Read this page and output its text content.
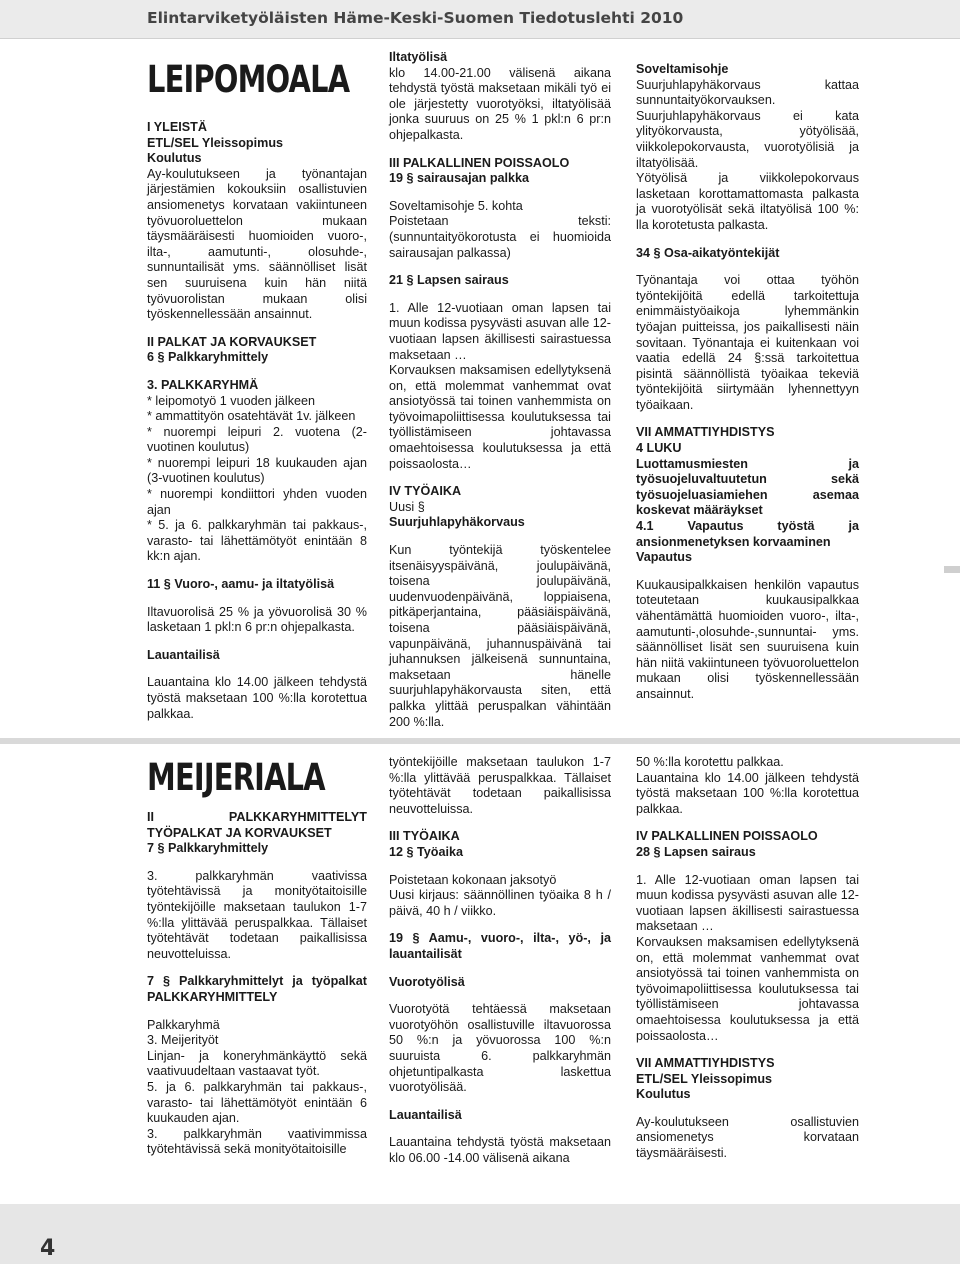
Elintarviketyöläisten Häme-Keski-Suomen Tiedotuslehti 2010
LEIPOMOALA
I YLEISTÄ
ETL/SEL Yleissopimus
Koulutus

Ay-koulutukseen ja työnantajan järjestämien kokouksiin osallistuvien ansiomenetys korvataan vakiintuneen työvuoroluettelon mukaan täysmääräisesti huomioiden vuoro-, ilta-, aamutunti-, olosuhde-, sunnuntailisät yms. säännölliset lisät sen suuruisena kuin hän niitä työvuorolistan mukaan olisi työskennellessään ansainnut.

II PALKAT JA KORVAUKSET
6 § Palkkaryhmittely
3. PALKKARYHMÄ

* leipomotyö 1 vuoden jälkeen

* ammattityön osatehtävät 1v. jälkeen

* nuorempi leipuri 2. vuotena (2-vuotinen koulutus)

* nuorempi leipuri 18 kuukauden ajan (3-vuotinen koulutus)

* nuorempi kondiittori yhden vuoden ajan

* 5. ja 6. palkkaryhmän tai pakkaus-, varasto- tai lähettämötyöt enintään 8 kk:n ajan.

11 § Vuoro-, aamu- ja iltatyölisä

Iltavuorolisä 25 % ja yövuorolisä 30 % lasketaan 1 pkl:n 6 pr:n ohjepalkasta.

Lauantailisä

Lauantaina klo 14.00 jälkeen tehdystä työstä maksetaan 100 %:lla korotettua palkkaa.

Iltatyölisä

klo 14.00-21.00 välisenä aikana tehdystä työstä maksetaan mikäli työ ei ole järjestetty vuorotyöksi, iltatyölisää jonka suuruus on 25 % 1 pkl:n 6 pr:n ohjepalkasta.

III PALKALLINEN POISSAOLO
19 § sairausajan palkka

Soveltamisohje 5. kohta

Poistetaan teksti: (sunnuntaityökorotusta ei huomioida sairausajan palkassa)

21 § Lapsen sairaus

1. Alle 12-vuotiaan oman lapsen tai muun kodissa pysyvästi asuvan alle 12-vuotiaan lapsen äkillisesti sairastuessa maksetaan …

Korvauksen maksamisen edellytyksenä on, että molemmat vanhemmat ovat ansiotyössä tai toinen vanhemmista on työvoimapoliittisessa koulutuksessa tai työllistämiseen johtavassa omaehtoisessa koulutuksessa ja että poissaolosta…

IV TYÖAIKA

Uusi §

Suurjuhlapyhäkorvaus

Kun työntekijä työskentelee itsenäisyyspäivänä, joulupäivänä, toisena joulupäivänä, uudenvuodenpäivänä, loppiaisena, pitkäperjantaina, pääsiäispäivänä, toisena pääsiäispäivänä, vapunpäivänä, juhannuspäivänä tai juhannuksen jälkeisenä sunnuntaina, maksetaan hänelle suurjuhlapyhäkorvausta siten, että palkka ylittää peruspalkan vähintään 200 %:lla.

Soveltamisohje

Suurjuhlapyhäkorvaus kattaa sunnuntaityökorvauksen. Suurjuhlapyhäkorvaus ei kata ylityökorvausta, yötyölisää, viikkolepokorvausta, vuorotyölisiä ja iltatyölisää.

Yötyölisä ja viikkolepokorvaus lasketaan korottamattomasta palkasta ja vuorotyölisät sekä iltatyölisä 100 %: lla korotetusta palkasta.

34 § Osa-aikatyöntekijät

Työnantaja voi ottaa työhön työntekijöitä edellä tarkoitettuja enimmäistyöaikoja lyhemmänkin työajan puitteissa, jos paikallisesti näin sovitaan. Työnantaja ei kuitenkaan voi vaatia edellä 24 §:ssä tarkoitettua pisintä säännöllistä työaikaa tekeviä työntekijöitä siirtymään lyhennettyyn työaikaan.

VII AMMATTIYHDISTYS
4 LUKU
Luottamusmiesten ja työsuojeluvaltuutetun sekä työsuojeluasiamiehen asemaa koskevat määräykset
4.1 Vapautus työstä ja ansionmenetyksen korvaaminen
Vapautus

Kuukausipalkkaisen henkilön vapautus toteutetaan kuukausipalkkaa vähentämättä huomioiden vuoro-, ilta-, aamutunti-,olosuhde-,sunnuntai- yms. säännölliset lisät sen suuruisena kuin hän niitä vakiintuneen työvuoroluettelon mukaan olisi työskennellessään ansainnut.

MEIJERIALA
II PALKKARYHMITTELYT TYÖPALKAT JA KORVAUKSET
7 § Palkkaryhmittely

3. palkkaryhmän vaativissa työtehtävissä ja monityötaitoisille työntekijöille maksetaan taulukon 1-7 %:lla ylittävää peruspalkkaa. Tällaiset työtehtävät todetaan paikallisissa neuvotteluissa.

7 § Palkkaryhmittelyt ja työpalkat PALKKARYHMITTELY

Palkkaryhmä

3. Meijerityöt

Linjan- ja koneryhmänkäyttö sekä vaativuudeltaan vastaavat työt.

5. ja 6. palkkaryhmän tai pakkaus-, varasto- tai lähettämötyöt enintään 6 kuukauden ajan.

3. palkkaryhmän vaativimmissa työtehtävissä sekä monityötaitoisille

työntekijöille maksetaan taulukon 1-7 %:lla ylittävää peruspalkkaa. Tällaiset työtehtävät todetaan paikallisissa neuvotteluissa.

III TYÖAIKA
12 § Työaika

Poistetaan kokonaan jaksotyö

Uusi kirjaus: säännöllinen työaika 8 h / päivä, 40 h / viikko.

19 § Aamu-, vuoro-, ilta-, yö-, ja lauantailisät
Vuorotyölisä

Vuorotyötä tehtäessä maksetaan vuorotyöhön osallistuville iltavuorossa 50 %:n ja yövuorossa 100 %:n suuruista 6. palkkaryhmän ohjetuntipalkasta laskettua vuorotyölisää.

Lauantailisä

Lauantaina tehdystä työstä maksetaan klo 06.00 -14.00 välisenä aikana

50 %:lla korotettu palkkaa.

Lauantaina klo 14.00 jälkeen tehdystä työstä maksetaan 100 %:lla korotettua palkkaa.

IV PALKALLINEN POISSAOLO
28 § Lapsen sairaus

1. Alle 12-vuotiaan oman lapsen tai muun kodissa pysyvästi asuvan alle 12-vuotiaan lapsen äkillisesti sairastuessa maksetaan …

Korvauksen maksamisen edellytyksenä on, että molemmat vanhemmat ovat ansiotyössä tai toinen vanhemmista on työvoimapoliittisessa koulutuksessa tai työllistämiseen johtavassa omaehtoisessa koulutuksessa ja että poissaolosta…

VII AMMATTIYHDISTYS
ETL/SEL Yleissopimus
Koulutus

Ay-koulutukseen osallistuvien ansiomenetys korvataan täysmääräisesti.

4
